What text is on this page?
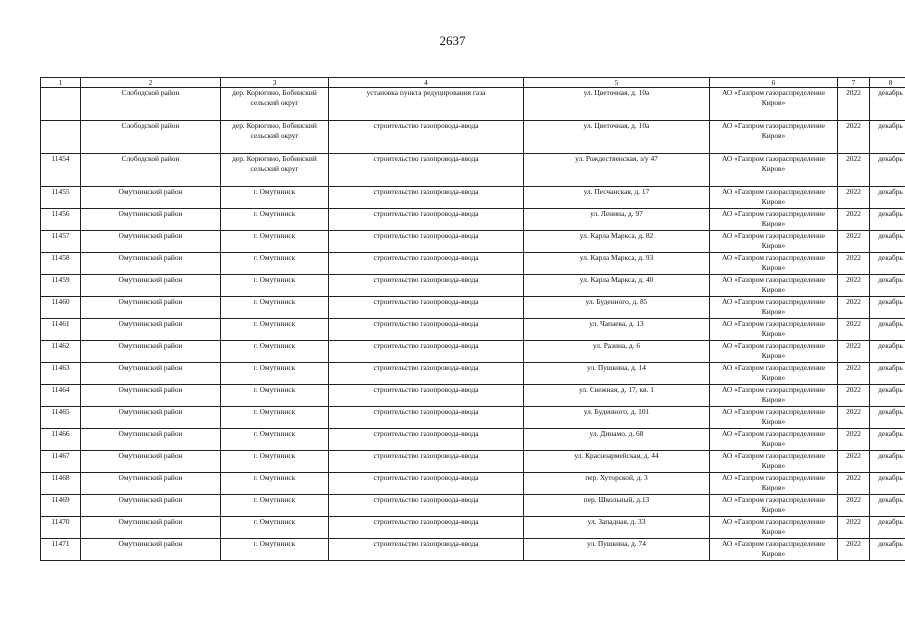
2637
1	2	3	4	5	6	7	8
	Слободской район	дер. Корюгино, Бобинский сельский округ	установка пункта редуцирования газа	ул. Цветочная, д. 10а	АО «Газпром газораспределение Киров»	2022	декабрь
	Слободской район	дер. Корюгино, Бобинский сельский округ	строительство газопровода-ввода	ул. Цветочная, д. 10а	АО «Газпром газораспределение Киров»	2022	декабрь
11454	Слободской район	дер. Корюгино, Бобинский сельский округ	строительство газопровода-ввода	ул. Рождественская, з/у 47	АО «Газпром газораспределение Киров»	2022	декабрь
11455	Омутнинский район	г. Омутнинск	строительство газопровода-ввода	ул. Песчанская, д. 17	АО «Газпром газораспределение Киров»	2022	декабрь
11456	Омутнинский район	г. Омутнинск	строительство газопровода-ввода	ул. Ленина, д. 97	АО «Газпром газораспределение Киров»	2022	декабрь
11457	Омутнинский район	г. Омутнинск	строительство газопровода-ввода	ул. Карла Маркса, д. 82	АО «Газпром газораспределение Киров»	2022	декабрь
11458	Омутнинский район	г. Омутнинск	строительство газопровода-ввода	ул. Карла Маркса, д. 93	АО «Газпром газораспределение Киров»	2022	декабрь
11459	Омутнинский район	г. Омутнинск	строительство газопровода-ввода	ул. Карла Маркса, д. 40	АО «Газпром газораспределение Киров»	2022	декабрь
11460	Омутнинский район	г. Омутнинск	строительство газопровода-ввода	ул. Буденного, д. 85	АО «Газпром газораспределение Киров»	2022	декабрь
11461	Омутнинский район	г. Омутнинск	строительство газопровода-ввода	ул. Чапаева, д. 13	АО «Газпром газораспределение Киров»	2022	декабрь
11462	Омутнинский район	г. Омутнинск	строительство газопровода-ввода	ул. Разина, д. 6	АО «Газпром газораспределение Киров»	2022	декабрь
11463	Омутнинский район	г. Омутнинск	строительство газопровода-ввода	ул. Пушкина, д. 14	АО «Газпром газораспределение Киров»	2022	декабрь
11464	Омутнинский район	г. Омутнинск	строительство газопровода-ввода	ул. Свежная, д. 17, кв. 1	АО «Газпром газораспределение Киров»	2022	декабрь
11465	Омутнинский район	г. Омутнинск	строительство газопровода-ввода	ул. Буденного, д. 101	АО «Газпром газораспределение Киров»	2022	декабрь
11466	Омутнинский район	г. Омутнинск	строительство газопровода-ввода	ул. Динамо, д. 68	АО «Газпром газораспределение Киров»	2022	декабрь
11467	Омутнинский район	г. Омутнинск	строительство газопровода-ввода	ул. Красноармейская, д. 44	АО «Газпром газораспределение Киров»	2022	декабрь
11468	Омутнинский район	г. Омутнинск	строительство газопровода-ввода	пер. Хуторской, д. 3	АО «Газпром газораспределение Киров»	2022	декабрь
11469	Омутнинский район	г. Омутнинск	строительство газопровода-ввода	пер. Школьный, д.13	АО «Газпром газораспределение Киров»	2022	декабрь
11470	Омутнинский район	г. Омутнинск	строительство газопровода-ввода	ул. Западная, д. 33	АО «Газпром газораспределение Киров»	2022	декабрь
11471	Омутнинский район	г. Омутнинск	строительство газопровода-ввода	ул. Пушкина, д. 74	АО «Газпром газораспределение Киров»	2022	декабрь
